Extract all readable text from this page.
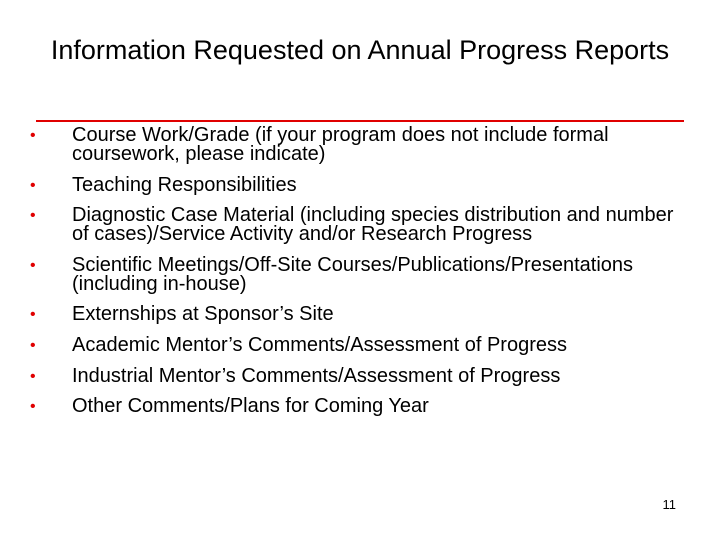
Information Requested on Annual Progress Reports
•	Course Work/Grade (if your program does not include formal coursework, please indicate)
•	Teaching Responsibilities
•	Diagnostic Case Material (including species distribution and number of cases)/Service Activity and/or Research Progress
•	Scientific Meetings/Off-Site Courses/Publications/Presentations (including in-house)
•	Externships at Sponsor’s Site
•	Academic Mentor’s Comments/Assessment of Progress
•	Industrial Mentor’s Comments/Assessment of Progress
•	Other Comments/Plans for Coming Year
11
